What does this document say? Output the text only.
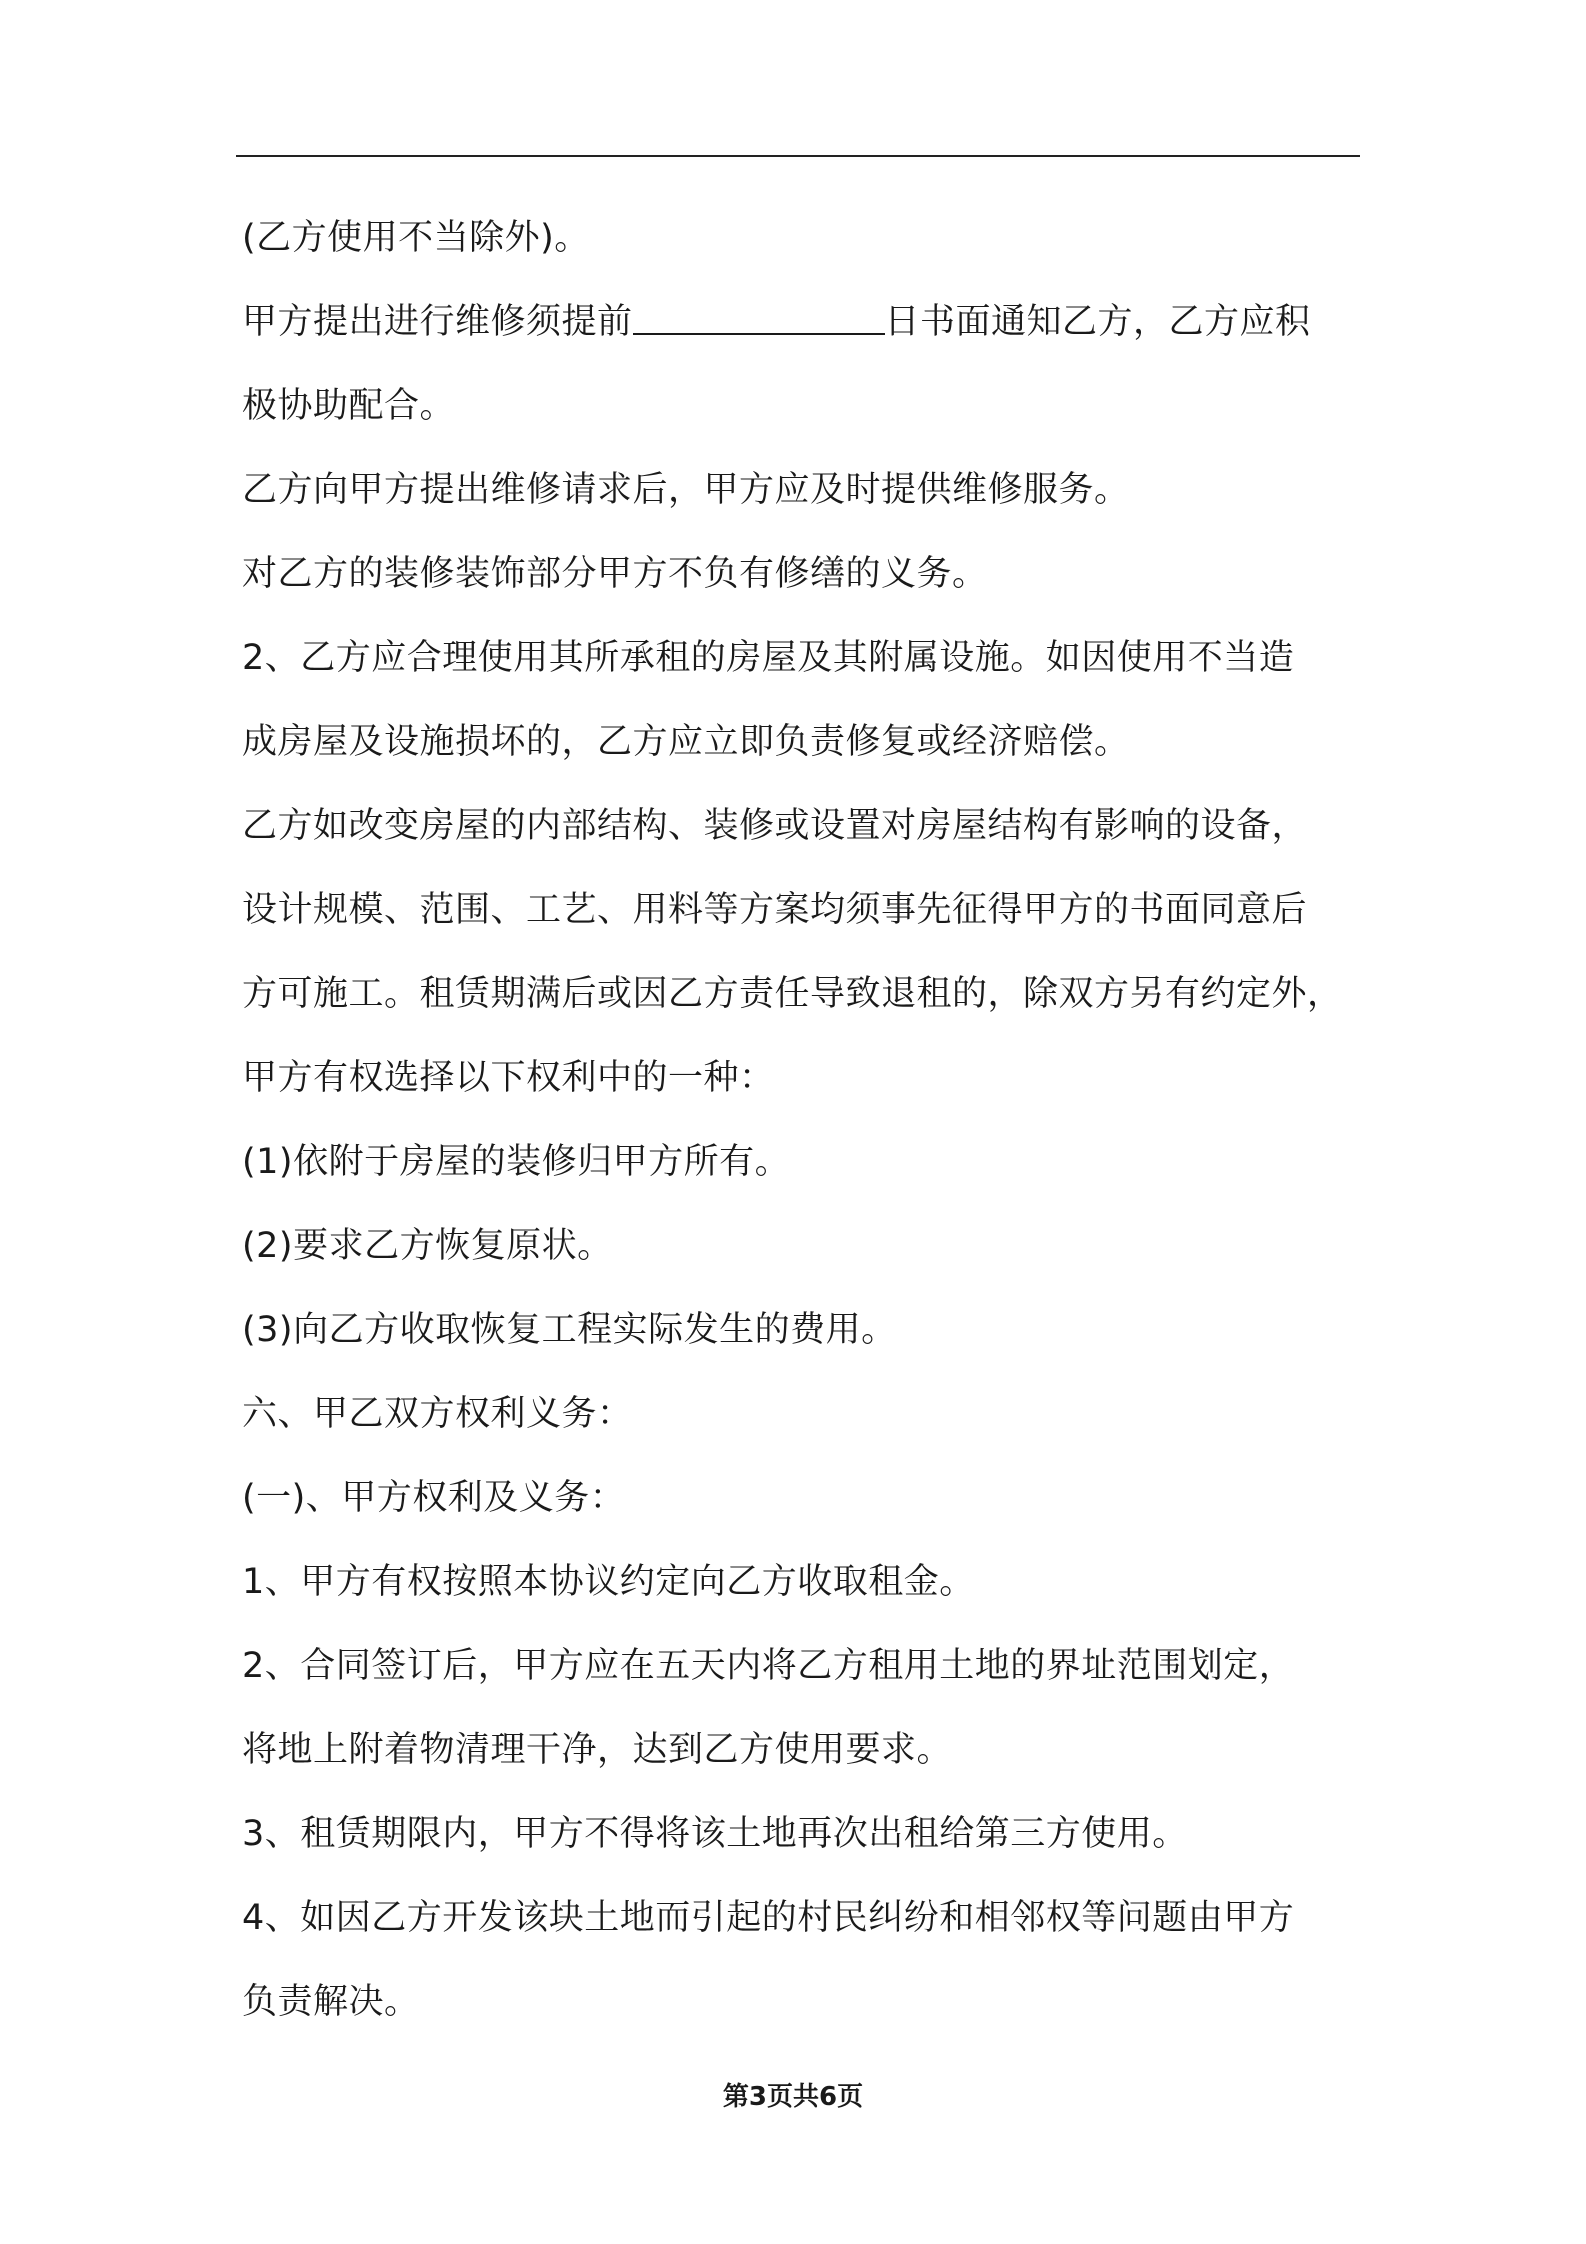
(乙方使用不当除外)。

甲方提出进行维修须提前	日书面通知乙方，乙方应积

极协助配合。

乙方向甲方提出维修请求后，甲方应及时提供维修服务。

对乙方的装修装饰部分甲方不负有修缮的义务。

2、乙方应合理使用其所承租的房屋及其附属设施。如因使用不当造

成房屋及设施损坏的，乙方应立即负责修复或经济赔偿。

乙方如改变房屋的内部结构、装修或设置对房屋结构有影响的设备，

设计规模、范围、工艺、用料等方案均须事先征得甲方的书面同意后

方可施工。租赁期满后或因乙方责任导致退租的，除双方另有约定外，

甲方有权选择以下权利中的一种：

(1)依附于房屋的装修归甲方所有。

(2)要求乙方恢复原状。

(3)向乙方收取恢复工程实际发生的费用。

六、甲乙双方权利义务：

(一)、甲方权利及义务：

1、甲方有权按照本协议约定向乙方收取租金。

2、合同签订后，甲方应在五天内将乙方租用土地的界址范围划定，

将地上附着物清理干净，达到乙方使用要求。

3、租赁期限内，甲方不得将该土地再次出租给第三方使用。

4、如因乙方开发该块土地而引起的村民纠纷和相邻权等问题由甲方

负责解决。

第3页共6页
